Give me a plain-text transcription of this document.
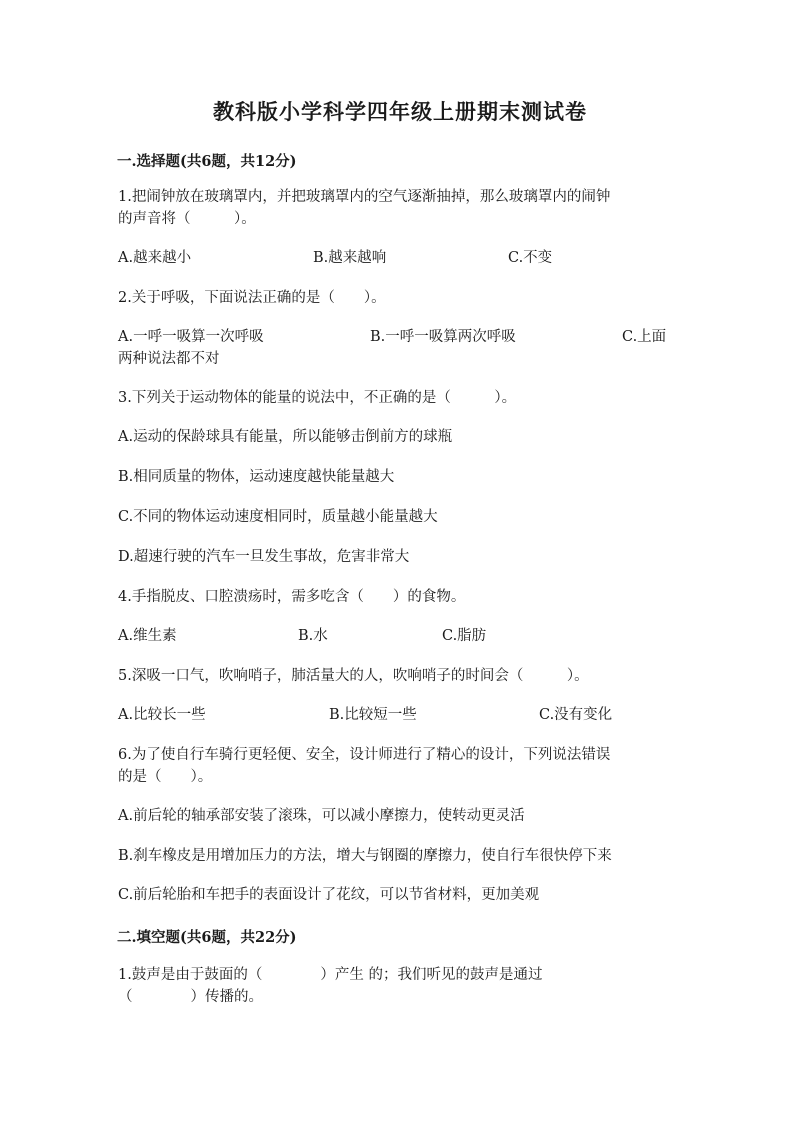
教科版小学科学四年级上册期末测试卷
一.选择题(共6题，共12分)
1.把闹钟放在玻璃罩内，并把玻璃罩内的空气逐渐抽掉，那么玻璃罩内的闹钟
的声音将（　　　）。
A.越来越小	B.越来越响	C.不变
2.关于呼吸，下面说法正确的是（　　）。
A.一呼一吸算一次呼吸	B.一呼一吸算两次呼吸	C.上面
两种说法都不对
3.下列关于运动物体的能量的说法中，不正确的是（　　　）。
A.运动的保龄球具有能量，所以能够击倒前方的球瓶
B.相同质量的物体，运动速度越快能量越大
C.不同的物体运动速度相同时，质量越小能量越大
D.超速行驶的汽车一旦发生事故，危害非常大
4.手指脱皮、口腔溃疡时，需多吃含（　　）的食物。
A.维生素	B.水	C.脂肪
5.深吸一口气，吹响哨子，肺活量大的人，吹响哨子的时间会（　　　）。
A.比较长一些	B.比较短一些	C.没有变化
6.为了使自行车骑行更轻便、安全，设计师进行了精心的设计，下列说法错误
的是（　　）。
A.前后轮的轴承部安装了滚珠，可以减小摩擦力，使转动更灵活
B.刹车橡皮是用增加压力的方法，增大与钢圈的摩擦力，使自行车很快停下来
C.前后轮胎和车把手的表面设计了花纹，可以节省材料，更加美观
二.填空题(共6题，共22分)
1.鼓声是由于鼓面的（　　　　）产生 的；我们听见的鼓声是通过
（　　　　）传播的。
